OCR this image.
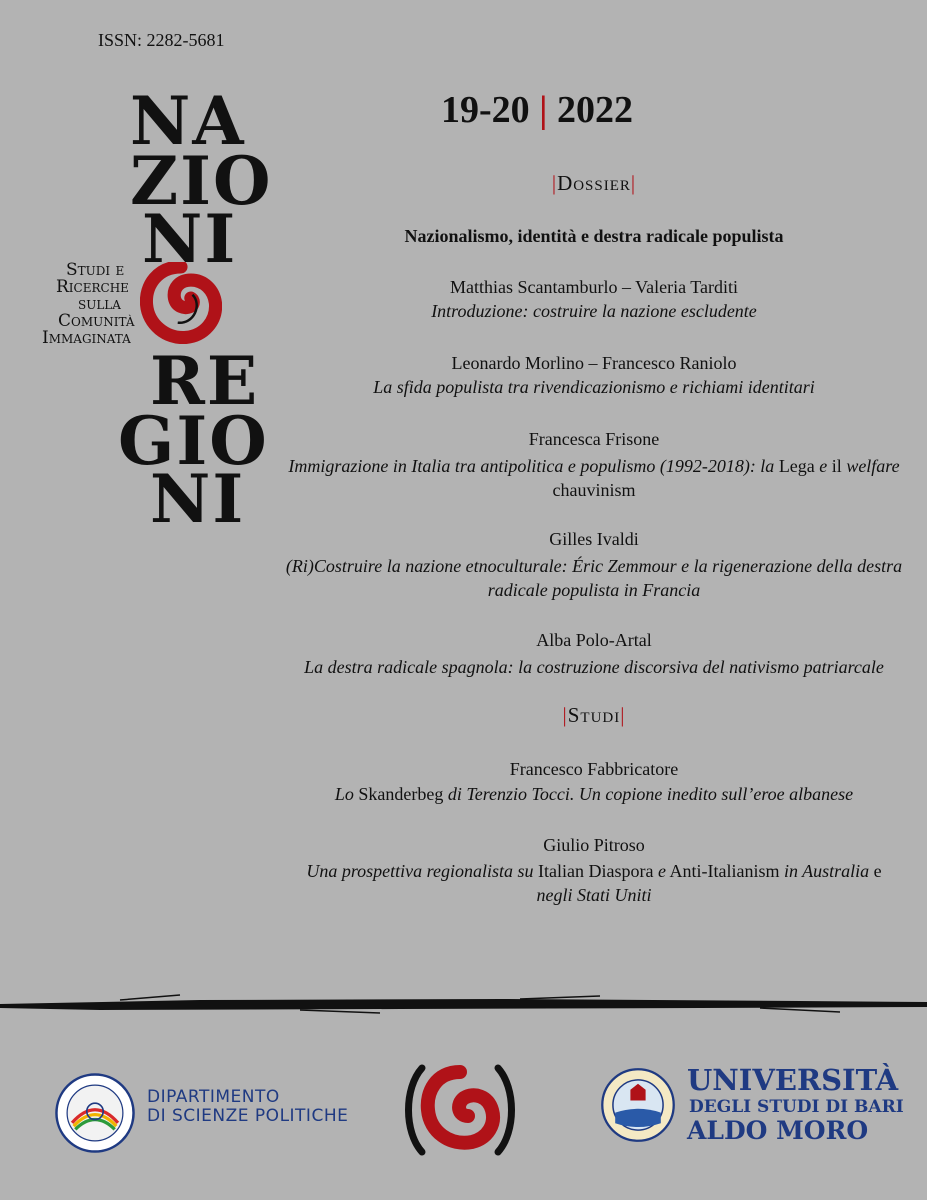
ISSN: 2282-5681
NA
ZIO
NI
RE
GIO
NI
Studi e
Ricerche
sulla
Comunità
Immaginata
19-20 | 2022
|Dossier|
Nazionalismo, identità e destra radicale populista
Matthias Scantamburlo – Valeria Tarditi
Introduzione: costruire la nazione escludente
Leonardo Morlino – Francesco Raniolo
La sfida populista tra rivendicazionismo e richiami identitari
Francesca Frisone
Immigrazione in Italia tra antipolitica e populismo (1992-2018): la Lega e il welfare
chauvinism
Gilles Ivaldi
(Ri)Costruire la nazione etnoculturale: Éric Zemmour e la rigenerazione della destra
radicale populista in Francia
Alba Polo-Artal
La destra radicale spagnola: la costruzione discorsiva del nativismo patriarcale
|Studi|
Francesco Fabbricatore
Lo Skanderbeg di Terenzio Tocci. Un copione inedito sull’eroe albanese
Giulio Pitroso
Una prospettiva regionalista su Italian Diaspora e Anti-Italianism in Australia e
negli Stati Uniti
DIPARTIMENTO
DI SCIENZE POLITICHE
UNIVERSITÀ
DEGLI STUDI DI BARI
ALDO MORO
